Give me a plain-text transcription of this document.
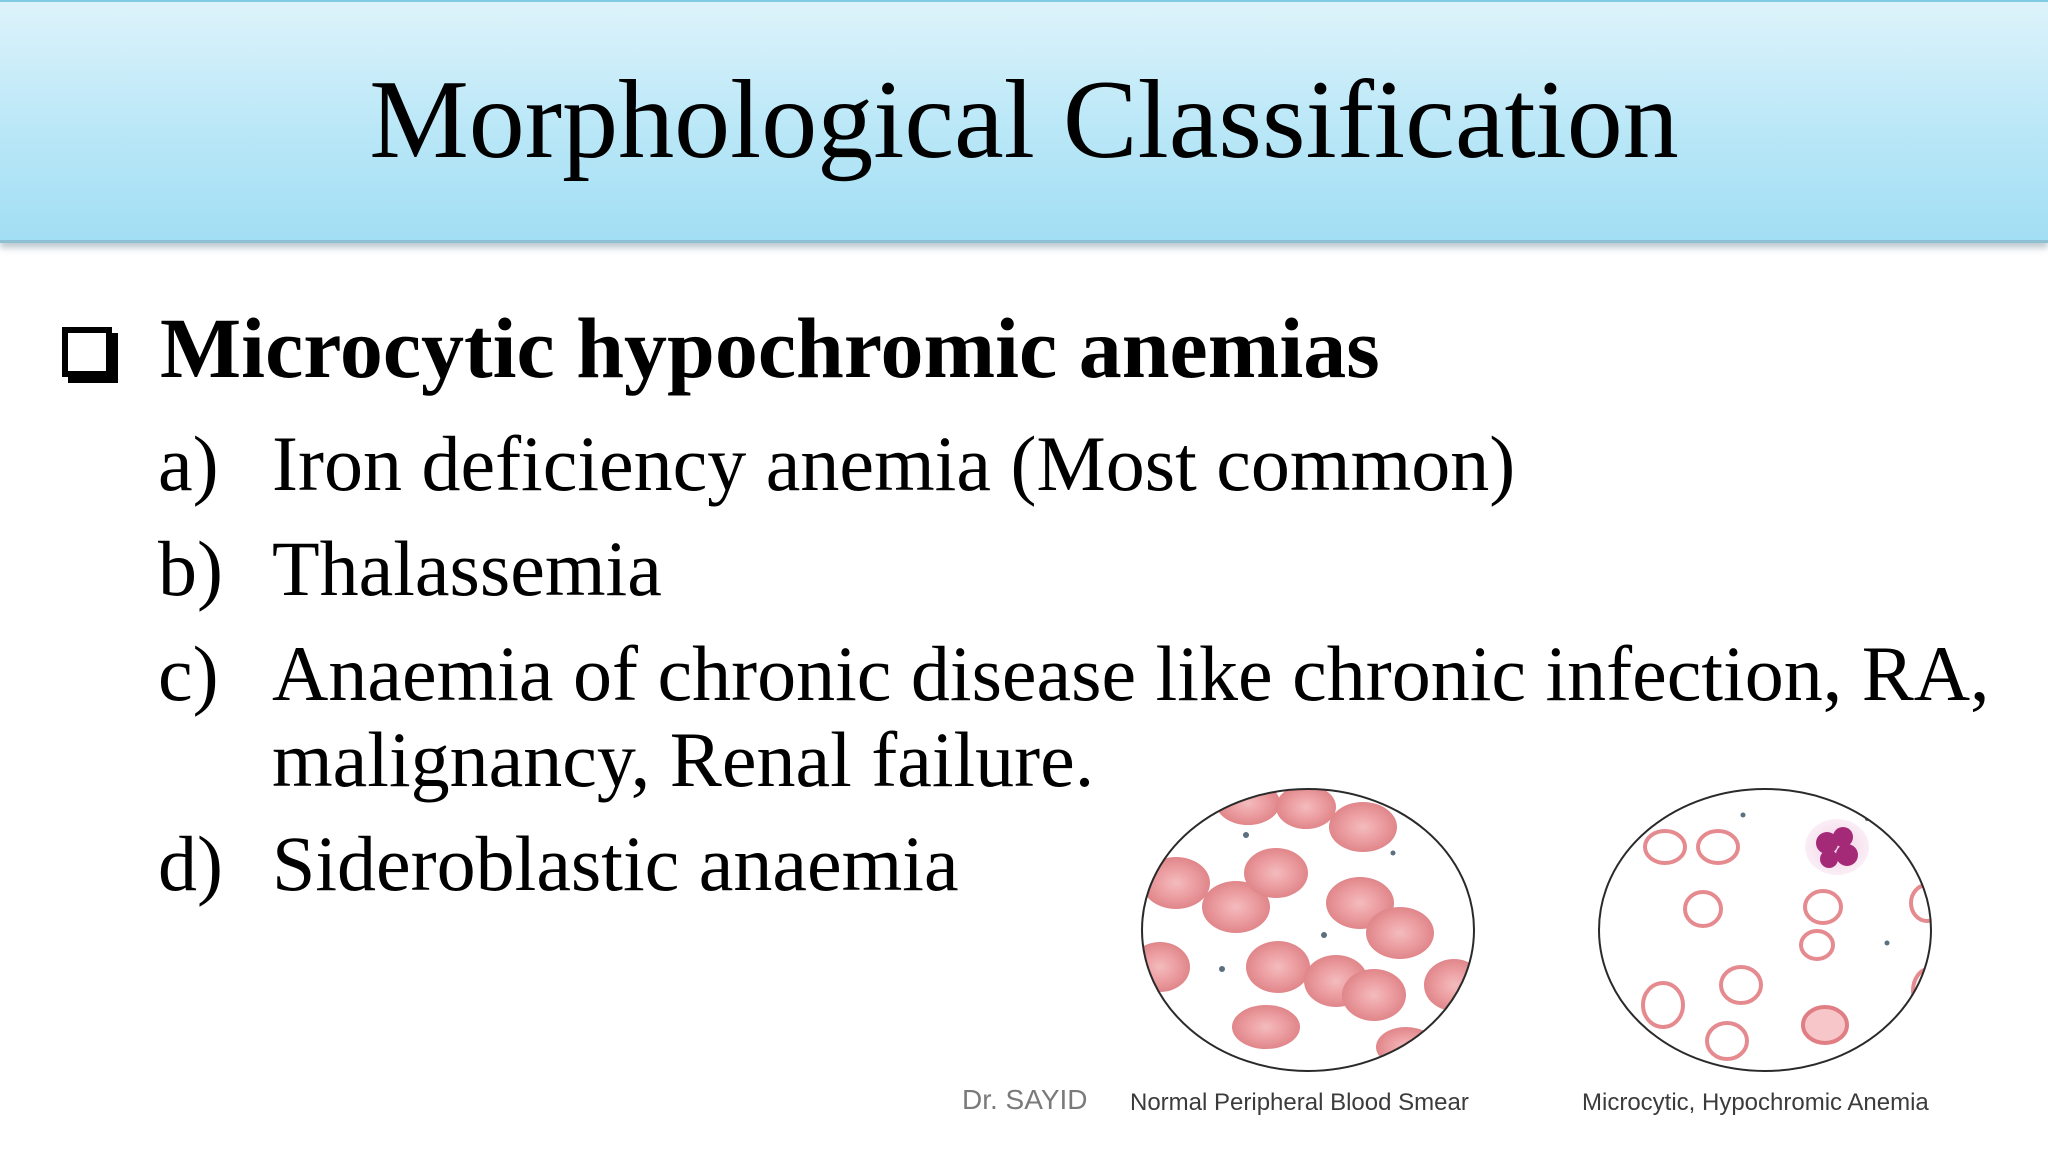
Morphological Classification
Microcytic hypochromic anemias
a) Iron deficiency anemia (Most common)
b) Thalassemia
c) Anaemia of chronic disease like chronic infection, RA,
malignancy, Renal failure.
d) Sideroblastic anaemia
Dr. SAYID Normal Peripheral Blood Smear	Microcytic, Hypochromic Anemia
